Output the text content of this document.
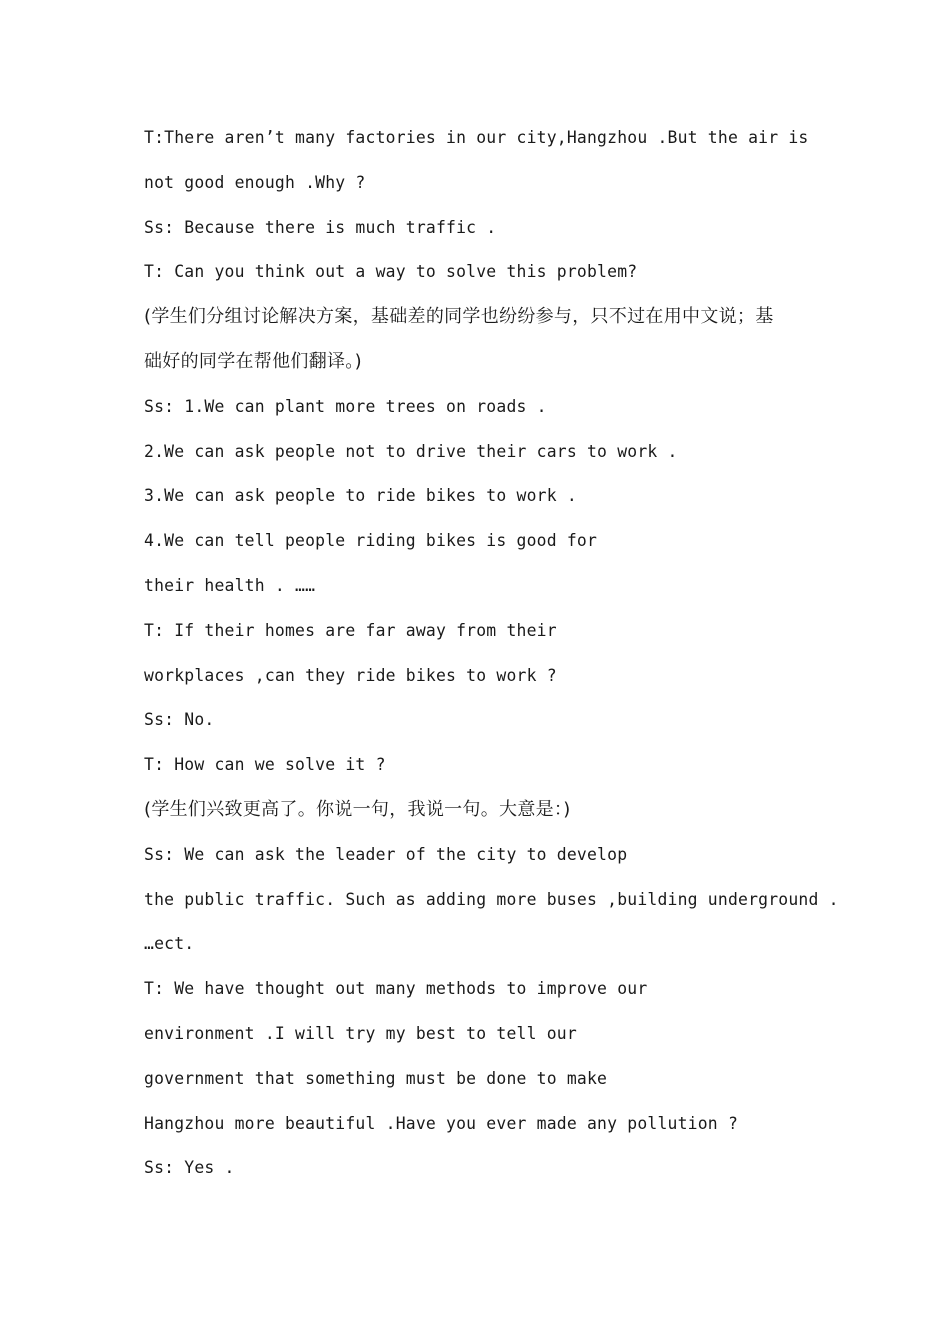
T:There aren’t many factories in our city,Hangzhou .But the air is
not good enough .Why ?
Ss: Because there is much traffic .
T: Can you think out a way to solve this problem?
(学生们分组讨论解决方案，基础差的同学也纷纷参与，只不过在用中文说；基
础好的同学在帮他们翻译。)
Ss: 1.We can plant more trees on roads .
2.We can ask people not to drive their cars to work .
3.We can ask people to ride bikes to work .
4.We can tell people riding bikes is good for
their health . ……
T: If their homes are far away from their
workplaces ,can they ride bikes to work ?
Ss: No.
T: How can we solve it ?
(学生们兴致更高了。你说一句，我说一句。大意是：)
Ss: We can ask the leader of the city to develop
the public traffic. Such as adding more buses ,building underground .
…ect.
T: We have thought out many methods to improve our
environment .I will try my best to tell our
government that something must be done to make
Hangzhou more beautiful .Have you ever made any pollution ?
Ss: Yes .
